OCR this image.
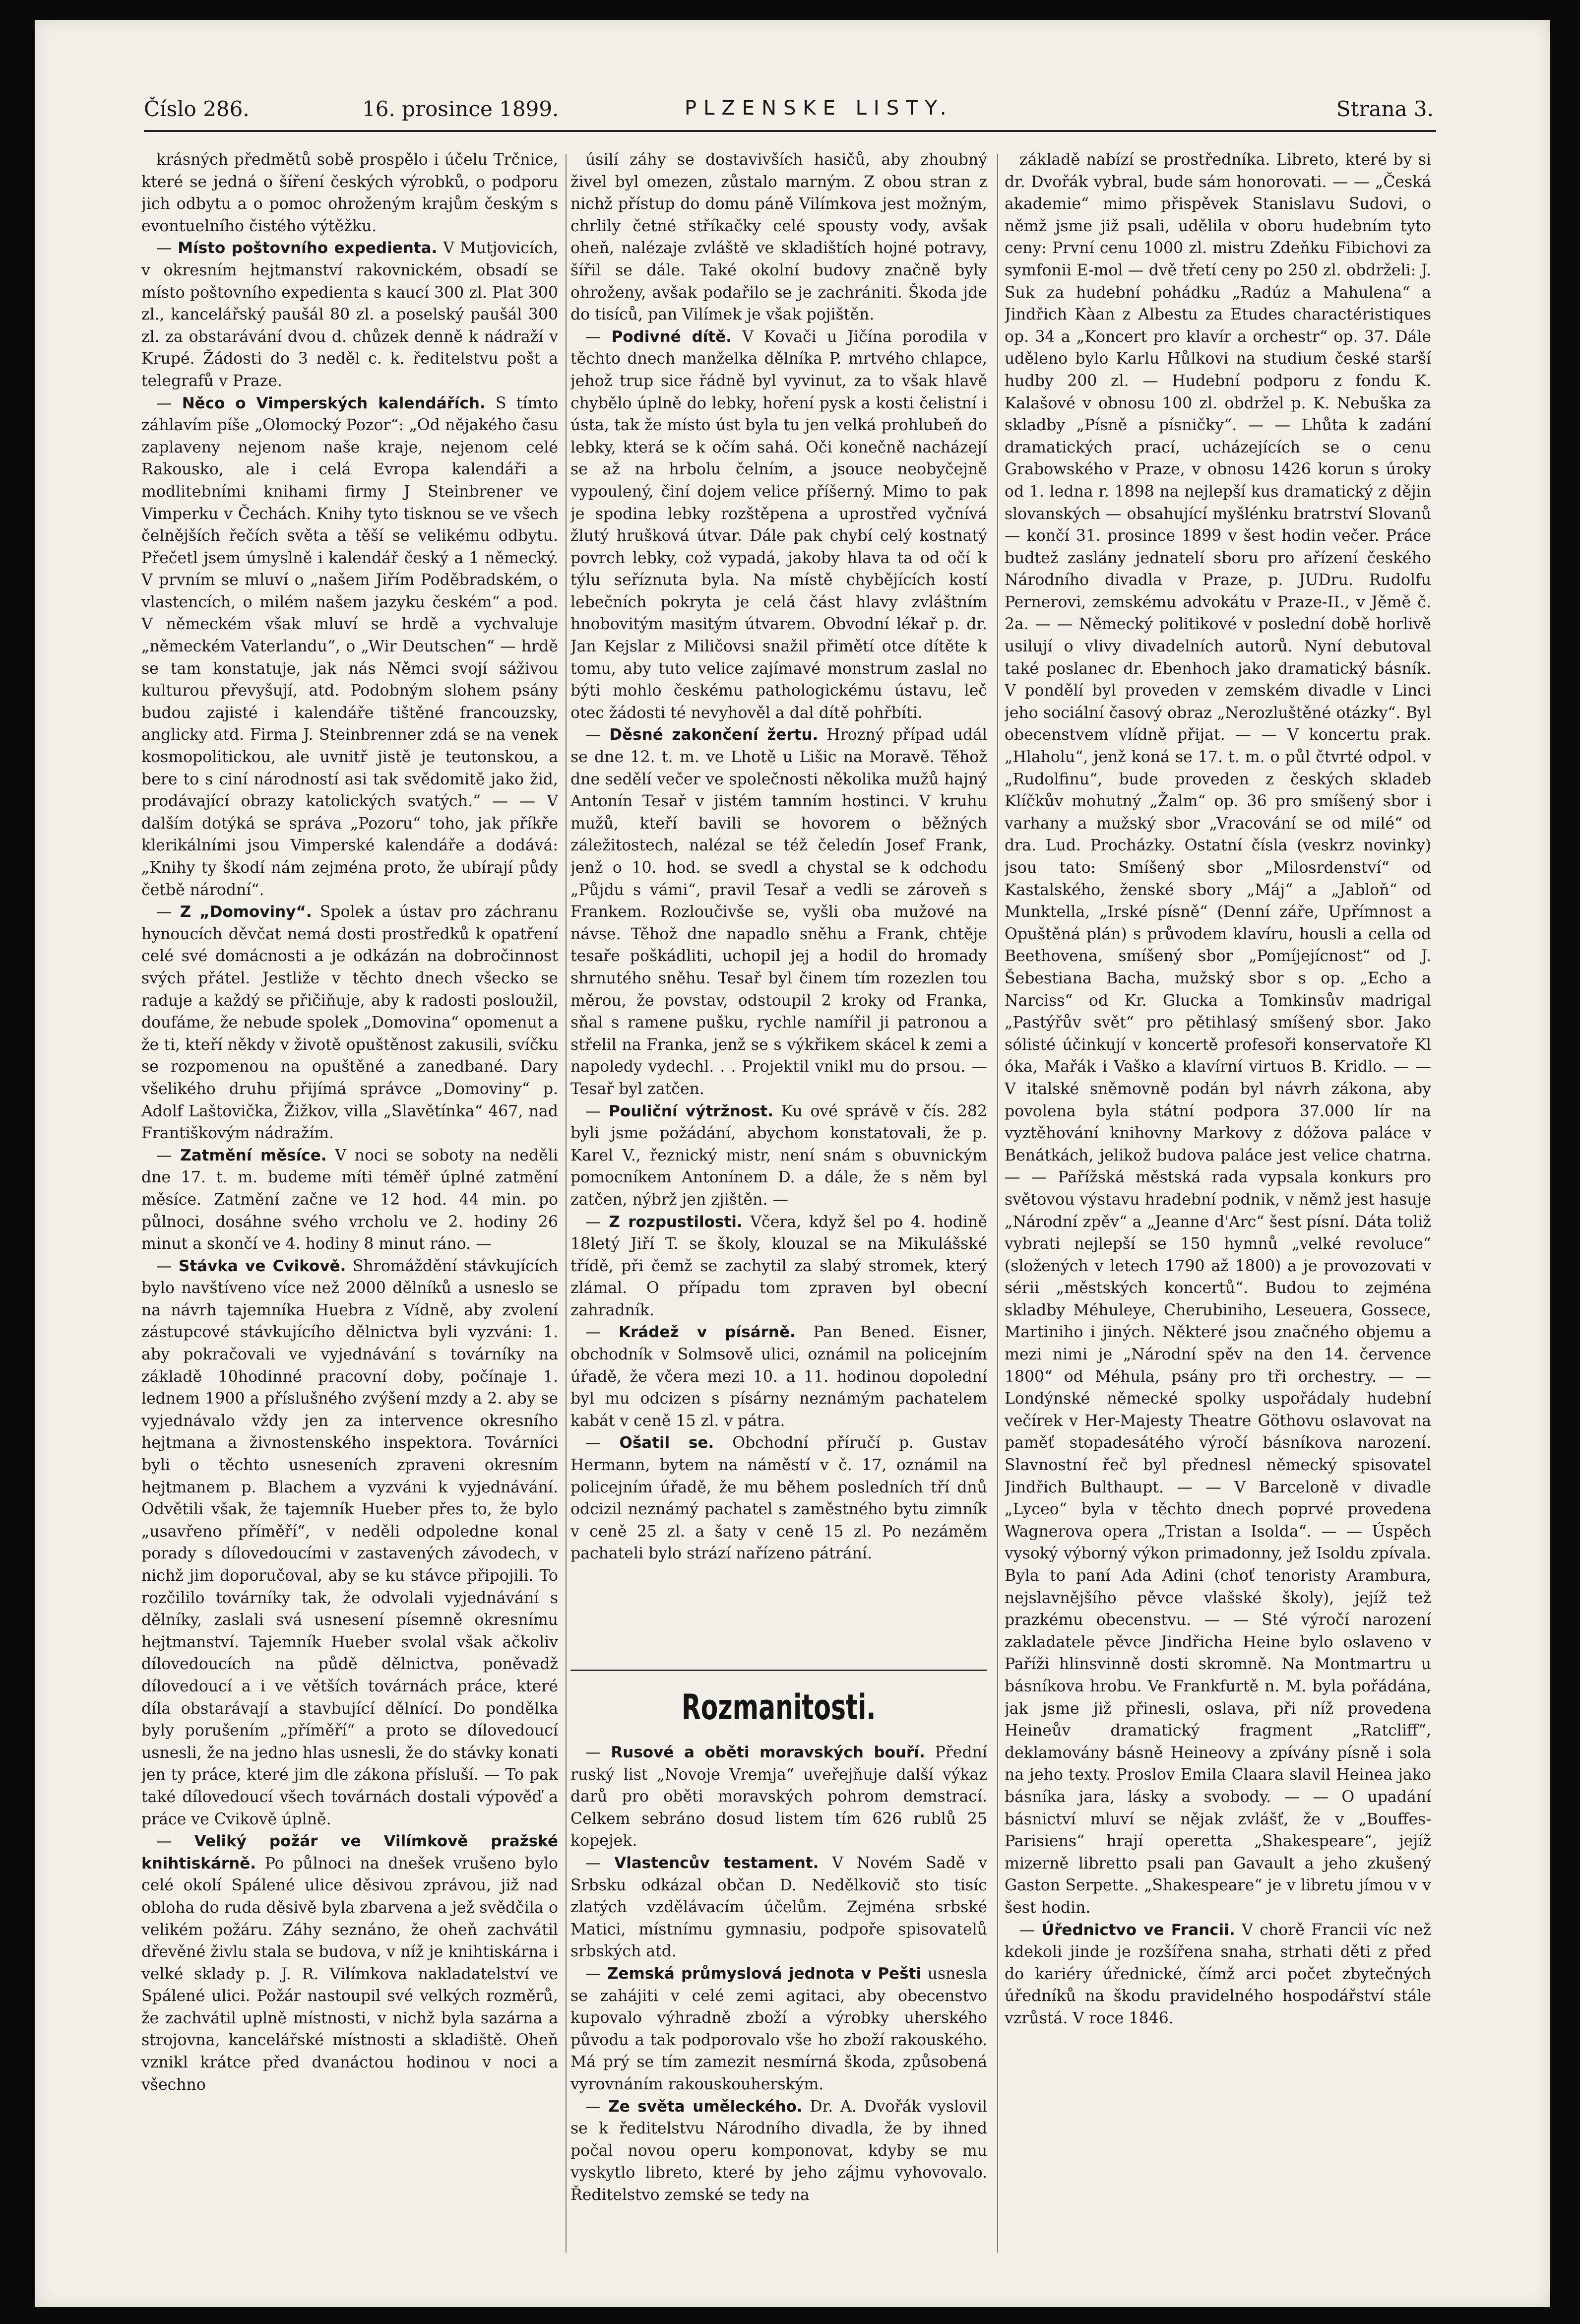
Číslo 286.	16. prosince 1899.	PLZENSKE LISTY.	Strana 3.

krásných předmětů sobě prospělo i účelu Trčnice, které se jedná o šíření českých výrobků, o podporu jich odbytu a o pomoc ohroženým krajům českým s evontuelního čistého výtěžku.

— Místo poštovního expedienta. V Mutjovicích, v okresním hejtmanství rakovnickém, obsadí se místo poštovního expedienta s kaucí 300 zl. Plat 300 zl., kancelářský paušál 80 zl. a poselský paušál 300 zl. za obstarávání dvou d. chůzek denně k nádraží v Krupé. Žádosti do 3 neděl c. k. ředitelstvu pošt a telegrafů v Praze.

— Něco o Vimperských kalendářích. S tímto záhlavím píše „Olomocký Pozor“: „Od nějakého času zaplaveny nejenom naše kraje, nejenom celé Rakousko, ale i celá Evropa kalendáři a modlitebními knihami firmy J Steinbrener ve Vimperku v Čechách. Knihy tyto tisknou se ve všech čelnějších řečích světa a těší se velikému odbytu. Přečetl jsem úmyslně i kalendář český a 1 německý. V prvním se mluví o „našem Jiřím Poděbradském, o vlastencích, o milém našem jazyku českém“ a pod. V německém však mluví se hrdě a vychvaluje „německém Vaterlandu“, o „Wir Deutschen“ — hrdě se tam konstatuje, jak nás Němci svojí sáživou kulturou převyšují, atd. Podobným slohem psány budou zajisté i kalendáře tištěné francouzsky, anglicky atd. Firma J. Steinbrenner zdá se na venek kosmopolitickou, ale uvnitř jistě je teutonskou, a bere to s ciní národností asi tak svědomitě jako žid, prodávající obrazy katolických svatých.“ — — V dalším dotýká se správa „Pozoru“ toho, jak příkře klerikálními jsou Vimperské kalendáře a dodává: „Knihy ty škodí nám zejména proto, že ubírají půdy četbě národní“.

— Z „Domoviny“. Spolek a ústav pro záchranu hynoucích děvčat nemá dosti prostředků k opatření celé své domácnosti a je odkázán na dobročinnost svých přátel. Jestliže v těchto dnech všecko se raduje a každý se přičiňuje, aby k radosti posloužil, doufáme, že nebude spolek „Domovina“ opomenut a že ti, kteří někdy v životě opuštěnost zakusili, svíčku se rozpomenou na opuštěné a zanedbané. Dary všelikého druhu přijímá správce „Domoviny“ p. Adolf Laštovička, Žižkov, villa „Slavětínka“ 467, nad Františkovým nádražím.

— Zatmění měsíce. V noci se soboty na neděli dne 17. t. m. budeme míti téměř úplné zatmění měsíce. Zatmění začne ve 12 hod. 44 min. po půlnoci, dosáhne svého vrcholu ve 2. hodiny 26 minut a skončí ve 4. hodiny 8 minut ráno. —

— Stávka ve Cvikově. Shromáždění stávkujících bylo navštíveno více než 2000 dělníků a usneslo se na návrh tajemníka Huebra z Vídně, aby zvolení zástupcové stávkujícího dělnictva byli vyzváni: 1. aby pokračovali ve vyjednávání s továrníky na základě 10hodinné pracovní doby, počínaje 1. lednem 1900 a příslušného zvýšení mzdy a 2. aby se vyjednávalo vždy jen za intervence okresního hejtmana a živnostenského inspektora. Továrníci byli o těchto usneseních zpraveni okresním hejtmanem p. Blachem a vyzváni k vyjednávání. Odvětili však, že tajemník Hueber přes to, že bylo „usavřeno příměří“, v neděli odpoledne konal porady s dílovedoucími v zastavených závodech, v nichž jim doporučoval, aby se ku stávce připojili. To rozčililo továrníky tak, že odvolali vyjednávání s dělníky, zaslali svá usnesení písemně okresnímu hejtmanství. Tajemník Hueber svolal však ačkoliv dílovedoucích na půdě dělnictva, poněvadž dílovedoucí a i ve větších továrnách práce, které díla obstarávají a stavbující dělnící. Do pondělka byly porušením „příměří“ a proto se dílovedoucí usnesli, že na jedno hlas usnesli, že do stávky konati jen ty práce, které jim dle zákona přísluší. — To pak také dílovedoucí všech továrnách dostali výpověď a práce ve Cvikově úplně.

— Veliký požár ve Vilímkově pražské knihtiskárně. Po půlnoci na dnešek vrušeno bylo celé okolí Spálené ulice děsivou zprávou, již nad obloha do ruda děsivě byla zbarvena a jež svědčila o velikém požáru. Záhy seznáno, že oheň zachvátil dřevěné živlu stala se budova, v níž je knihtiskárna i velké sklady p. J. R. Vilímkova nakladatelství ve Spálené ulici. Požár nastoupil své velkých rozměrů, že zachvátil uplně místnosti, v nichž byla sazárna a strojovna, kancelářské místnosti a skladiště. Oheň vznikl krátce před dvanáctou hodinou v noci a všechno

úsilí záhy se dostavivších hasičů, aby zhoubný živel byl omezen, zůstalo marným. Z obou stran z nichž přístup do domu páně Vilímkova jest možným, chrlily četné stříkačky celé spousty vody, avšak oheň, nalézaje zvláště ve skladištích hojné potravy, šířil se dále. Také okolní budovy značně byly ohroženy, avšak podařilo se je zachrániti. Škoda jde do tisíců, pan Vilímek je však pojištěn.

— Podivné dítě. V Kovači u Jičína porodila v těchto dnech manželka dělníka P. mrtvého chlapce, jehož trup sice řádně byl vyvinut, za to však hlavě chybělo úplně do lebky, hoření pysk a kosti čelistní i ústa, tak že místo úst byla tu jen velká prohlubeň do lebky, která se k očím sahá. Oči konečně nacházejí se až na hrbolu čelním, a jsouce neobyčejně vypoulený, činí dojem velice příšerný. Mimo to pak je spodina lebky rozštěpena a uprostřed vyčnívá žlutý hrušková útvar. Dále pak chybí celý kostnatý povrch lebky, což vypadá, jakoby hlava ta od očí k týlu seříznuta byla. Na místě chybějících kostí lebečních pokryta je celá část hlavy zvláštním hnobovitým masitým útvarem. Obvodní lékař p. dr. Jan Kejslar z Miličovsi snažil přimětí otce dítěte k tomu, aby tuto velice zajímavé monstrum zaslal no býti mohlo českému pathologickému ústavu, leč otec žádosti té nevyhověl a dal dítě pohřbíti.

— Děsné zakončení žertu. Hrozný případ udál se dne 12. t. m. ve Lhotě u Lišic na Moravě. Těhož dne sedělí večer ve společnosti několika mužů hajný Antonín Tesař v jistém tamním hostinci. V kruhu mužů, kteří bavili se hovorem o běžných záležitostech, nalézal se též čeledín Josef Frank, jenž o 10. hod. se svedl a chystal se k odchodu „Půjdu s vámi“, pravil Tesař a vedli se zároveň s Frankem. Rozloučivše se, vyšli oba mužové na návse. Těhož dne napadlo sněhu a Frank, chtěje tesaře poškádliti, uchopil jej a hodil do hromady shrnutého sněhu. Tesař byl činem tím rozezlen tou měrou, že povstav, odstoupil 2 kroky od Franka, sňal s ramene pušku, rychle namířil ji patronou a střelil na Franka, jenž se s výkřikem skácel k zemi a napoledy vydechl. . . Projektil vnikl mu do prsou. — Tesař byl zatčen.

— Pouliční výtržnost. Ku ové správě v čís. 282 byli jsme požádání, abychom konstatovali, že p. Karel V., řeznický mistr, není snám s obuvnickým pomocníkem Antonínem D. a dále, že s něm byl zatčen, nýbrž jen zjištěn. —

— Z rozpustilosti. Včera, když šel po 4. hodině 18letý Jiří T. se školy, klouzal se na Mikulášské třídě, při čemž se zachytil za slabý stromek, který zlámal. O případu tom zpraven byl obecní zahradník.

— Krádež v písárně. Pan Bened. Eisner, obchodník v Solmsově ulici, oznámil na policejním úřadě, že včera mezi 10. a 11. hodinou dopolední byl mu odcizen s písárny neznámým pachatelem kabát v ceně 15 zl. v pátra.

— Ošatil se. Obchodní příručí p. Gustav Hermann, bytem na náměstí v č. 17, oznámil na policejním úřadě, že mu během posledních tří dnů odcizil neznámý pachatel s zaměstného bytu zimník v ceně 25 zl. a šaty v ceně 15 zl. Po nezáměm pachateli bylo strází nařízeno pátrání.

Rozmanitosti.

— Rusové a oběti moravských bouří. Přední ruský list „Novoje Vremja“ uveřejňuje další výkaz darů pro oběti moravských pohrom demstrací. Celkem sebráno dosud listem tím 626 rublů 25 kopejek.

— Vlastencův testament. V Novém Sadě v Srbsku odkázal občan D. Nedělkovič sto tisíc zlatých vzdělávacím účelům. Zejména srbské Matici, místnímu gymnasiu, podpoře spisovatelů srbských atd.

— Zemská průmyslová jednota v Pešti usnesla se zahájiti v celé zemi agitaci, aby obecenstvo kupovalo výhradně zboží a výrobky uherského původu a tak podporovalo vše ho zboží rakouského. Má prý se tím zamezit nesmírná škoda, způsobená vyrovnáním rakouskouherským.

— Ze světa uměleckého. Dr. A. Dvořák vyslovil se k ředitelstvu Národního divadla, že by ihned počal novou operu komponovat, kdyby se mu vyskytlo libreto, které by jeho zájmu vyhovovalo. Ředitelstvo zemské se tedy na

základě nabízí se prostředníka. Libreto, které by si dr. Dvořák vybral, bude sám honorovati. — — „Česká akademie“ mimo přispěvek Stanislavu Sudovi, o němž jsme již psali, udělila v oboru hudebním tyto ceny: První cenu 1000 zl. mistru Zdeňku Fibichovi za symfonii E-mol — dvě třetí ceny po 250 zl. obdrželi: J. Suk za hudební pohádku „Radúz a Mahulena“ a Jindřich Kàan z Albestu za Etudes charactéristiques op. 34 a „Koncert pro klavír a orchestr“ op. 37. Dále uděleno bylo Karlu Hůlkovi na studium české starší hudby 200 zl. — Hudební podporu z fondu K. Kalašové v obnosu 100 zl. obdržel p. K. Nebuška za skladby „Písně a písničky“. — — Lhůta k zadání dramatických prací, ucházejících se o cenu Grabowského v Praze, v obnosu 1426 korun s úroky od 1. ledna r. 1898 na nejlepší kus dramatický z dějin slovanských — obsahující myšlénku bratrství Slovanů — končí 31. prosince 1899 v šest hodin večer. Práce budtež zaslány jednatelí sboru pro ařízení českého Národního divadla v Praze, p. JUDru. Rudolfu Pernerovi, zemskému advokátu v Praze-II., v Jěmě č. 2a. — — Německý politikové v poslední době horlivě usilují o vlivy divadelních autorů. Nyní debutoval také poslanec dr. Ebenhoch jako dramatický básník. V pondělí byl proveden v zemském divadle v Linci jeho sociální časový obraz „Nerozluštěné otázky“. Byl obecenstvem vlídně přijat. — — V koncertu prak. „Hlaholu“, jenž koná se 17. t. m. o půl čtvrté odpol. v „Rudolfinu“, bude proveden z českých skladeb Klíčkův mohutný „Žalm“ op. 36 pro smíšený sbor i varhany a mužský sbor „Vracování se od milé“ od dra. Lud. Procházky. Ostatní čísla (veskrz novinky) jsou tato: Smíšený sbor „Milosrdenství“ od Kastalského, ženské sbory „Máj“ a „Jabloň“ od Munktella, „Irské písně“ (Denní záře, Upřímnost a Opuštěná plán) s průvodem klavíru, housli a cella od Beethovena, smíšený sbor „Pomíjejícnost“ od J. Šebestiana Bacha, mužský sbor s op. „Echo a Narciss“ od Kr. Glucka a Tomkinsův madrigal „Pastýřův svět“ pro pětihlasý smíšený sbor. Jako sólisté účinkují v koncertě profesoři konservatoře Kl óka, Mařák i Vaško a klavírní virtuos B. Kridlo. — — V italské sněmovně podán byl návrh zákona, aby povolena byla státní podpora 37.000 lír na vyztěhování knihovny Markovy z dóžova paláce v Benátkách, jelikož budova paláce jest velice chatrna. — — Pařížská městská rada vypsala konkurs pro světovou výstavu hradební podnik, v němž jest hasuje „Národní zpěv“ a „Jeanne d'Arc“ šest písní. Dáta toliž vybrati nejlepší se 150 hymnů „velké revoluce“ (složených v letech 1790 až 1800) a je provozovati v sérii „městských koncertů“. Budou to zejména skladby Méhuleye, Cherubiniho, Leseuera, Gossece, Martiniho i jiných. Některé jsou značného objemu a mezi nimi je „Národní spěv na den 14. července 1800“ od Méhula, psány pro tři orchestry. — — Londýnské německé spolky uspořádaly hudební večírek v Her-Majesty Theatre Göthovu oslavovat na paměť stopadesátého výročí básníkova narození. Slavnostní řeč byl přednesl německý spisovatel Jindřich Bulthaupt. — — V Barceloně v divadle „Lyceo“ byla v těchto dnech poprvé provedena Wagnerova opera „Tristan a Isolda“. — — Úspěch vysoký výborný výkon primadonny, jež Isoldu zpívala. Byla to paní Ada Adini (choť tenoristy Arambura, nejslavnějšího pěvce vlašské školy), jejíž tež prazkému obecenstvu. — — Sté výročí narození zakladatele pěvce Jindřicha Heine bylo oslaveno v Paříži hlinsvinně dosti skromně. Na Montmartru u básníkova hrobu. Ve Frankfurtě n. M. byla pořádána, jak jsme již přinesli, oslava, při níž provedena Heineův dramatický fragment „Ratcliff“, deklamovány básně Heineovy a zpívány písně i sola na jeho texty. Proslov Emila Claara slavil Heinea jako básníka jara, lásky a svobody. — — O upadání básnictví mluví se nějak zvlášť, že v „Bouffes-Parisiens“ hrají operetta „Shakespeare“, jejíž mizerně libretto psali pan Gavault a jeho zkušený Gaston Serpette. „Shakespeare“ je v libretu jímou v v šest hodin.

— Úřednictvo ve Francii. V chorě Francii víc než kdekoli jinde je rozšířena snaha, strhati děti z před do kariéry úřednické, čímž arci počet zbytečných úředníků na škodu pravidelného hospodářství stále vzrůstá. V roce 1846.
